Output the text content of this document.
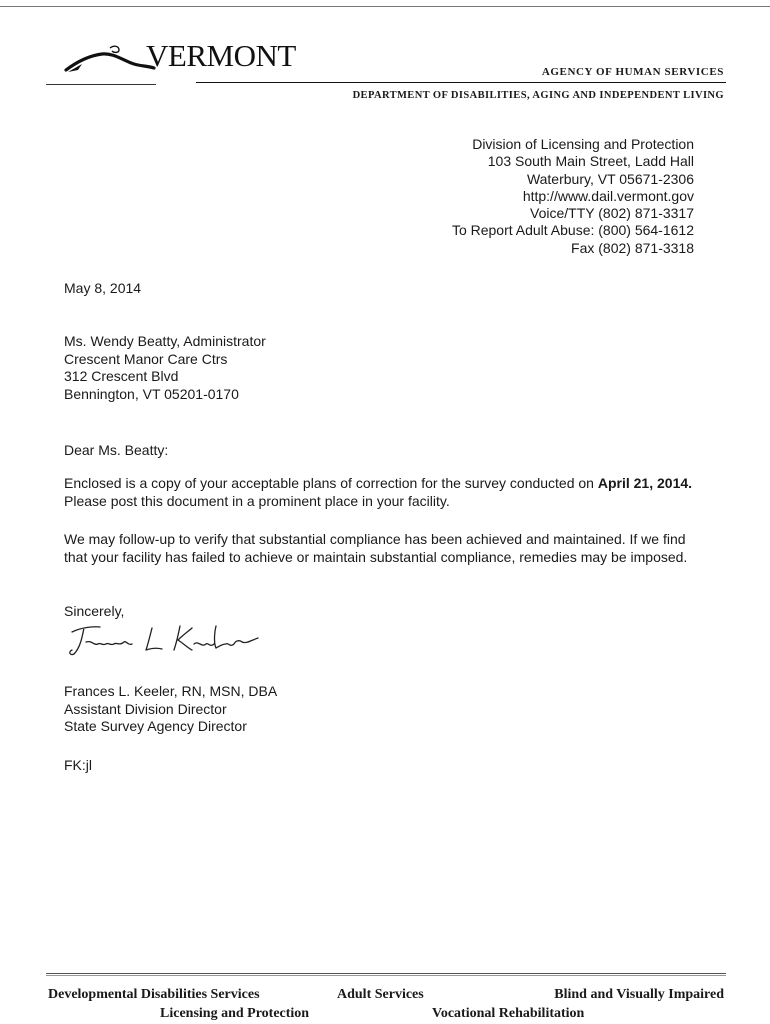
VERMONT	AGENCY OF HUMAN SERVICES
DEPARTMENT OF DISABILITIES, AGING AND INDEPENDENT LIVING
Division of Licensing and Protection
103 South Main Street, Ladd Hall
Waterbury, VT 05671-2306
http://www.dail.vermont.gov
Voice/TTY (802) 871-3317
To Report Adult Abuse: (800) 564-1612
Fax (802) 871-3318
May 8, 2014
Ms. Wendy Beatty, Administrator
Crescent Manor Care Ctrs
312 Crescent Blvd
Bennington, VT 05201-0170
Dear Ms. Beatty:

Enclosed is a copy of your acceptable plans of correction for the survey conducted on April 21, 2014. Please post this document in a prominent place in your facility.

We may follow-up to verify that substantial compliance has been achieved and maintained. If we find that your facility has failed to achieve or maintain substantial compliance, remedies may be imposed.

Sincerely,
Frances L. Keeler, RN, MSN, DBA
Assistant Division Director
State Survey Agency Director
FK:jl
Developmental Disabilities Services	Adult Services	Blind and Visually Impaired
Licensing and Protection	Vocational Rehabilitation
